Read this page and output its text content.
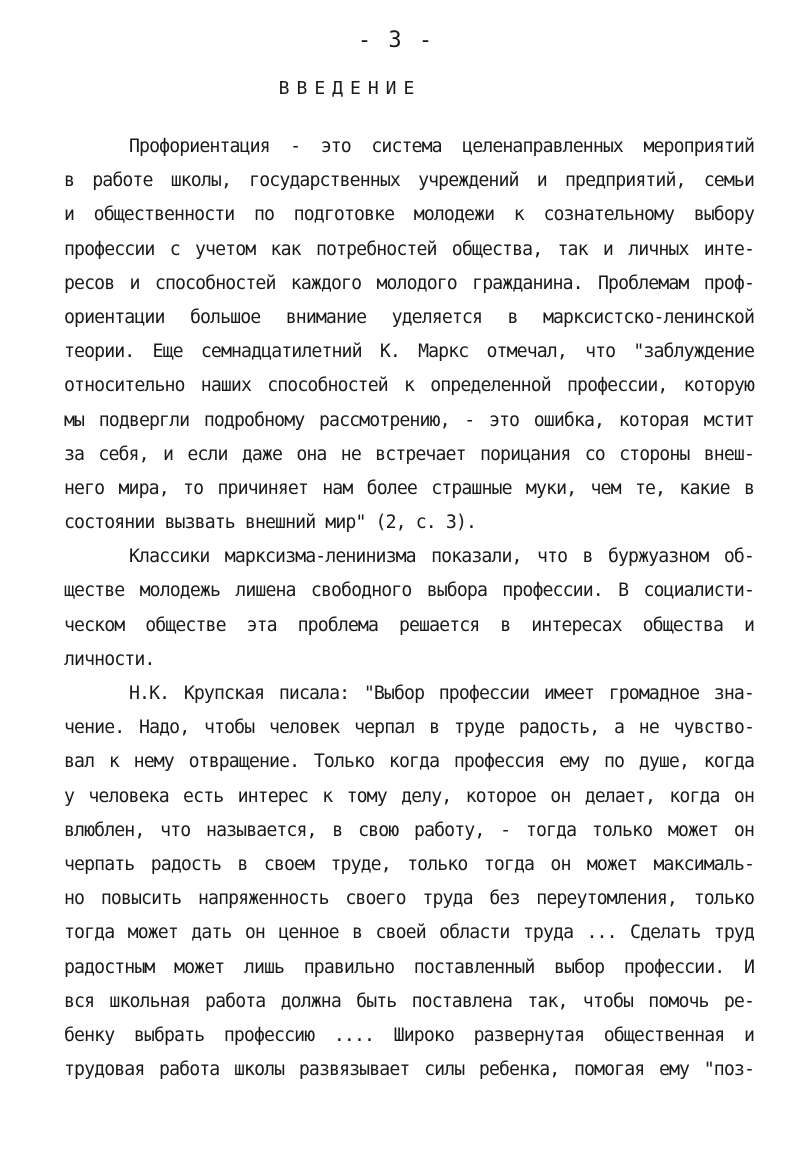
- 3 -
ВВЕДЕНИЕ
Профориентация - это система целенаправленных мероприятий
в работе школы, государственных учреждений и предприятий, семьи
и общественности по подготовке молодежи к сознательному выбору
профессии с учетом как потребностей общества, так и личных инте-
ресов и способностей каждого молодого гражданина. Проблемам проф-
ориентации большое внимание уделяется в марксистско-ленинской
теории. Еще семнадцатилетний К. Маркс отмечал, что "заблуждение
относительно наших способностей к определенной профессии, которую
мы подвергли подробному рассмотрению, - это ошибка, которая мстит
за себя, и если даже она не встречает порицания со стороны внеш-
него мира, то причиняет нам более страшные муки, чем те, какие в
состоянии вызвать внешний мир" (2, с. 3).
Классики марксизма-ленинизма показали, что в буржуазном об-
ществе молодежь лишена свободного выбора профессии. В социалисти-
ческом обществе эта проблема решается в интересах общества и
личности.
Н.К. Крупская писала: "Выбор профессии имеет громадное зна-
чение. Надо, чтобы человек черпал в труде радость, а не чувство-
вал к нему отвращение. Только когда профессия ему по душе, когда
у человека есть интерес к тому делу, которое он делает, когда он
влюблен, что называется, в свою работу, - тогда только может он
черпать радость в своем труде, только тогда он может максималь-
но повысить напряженность своего труда без переутомления, только
тогда может дать он ценное в своей области труда ... Сделать труд
радостным может лишь правильно поставленный выбор профессии. И
вся школьная работа должна быть поставлена так, чтобы помочь ре-
бенку выбрать профессию .... Широко развернутая общественная и
трудовая работа школы развязывает силы ребенка, помогая ему "поз-
